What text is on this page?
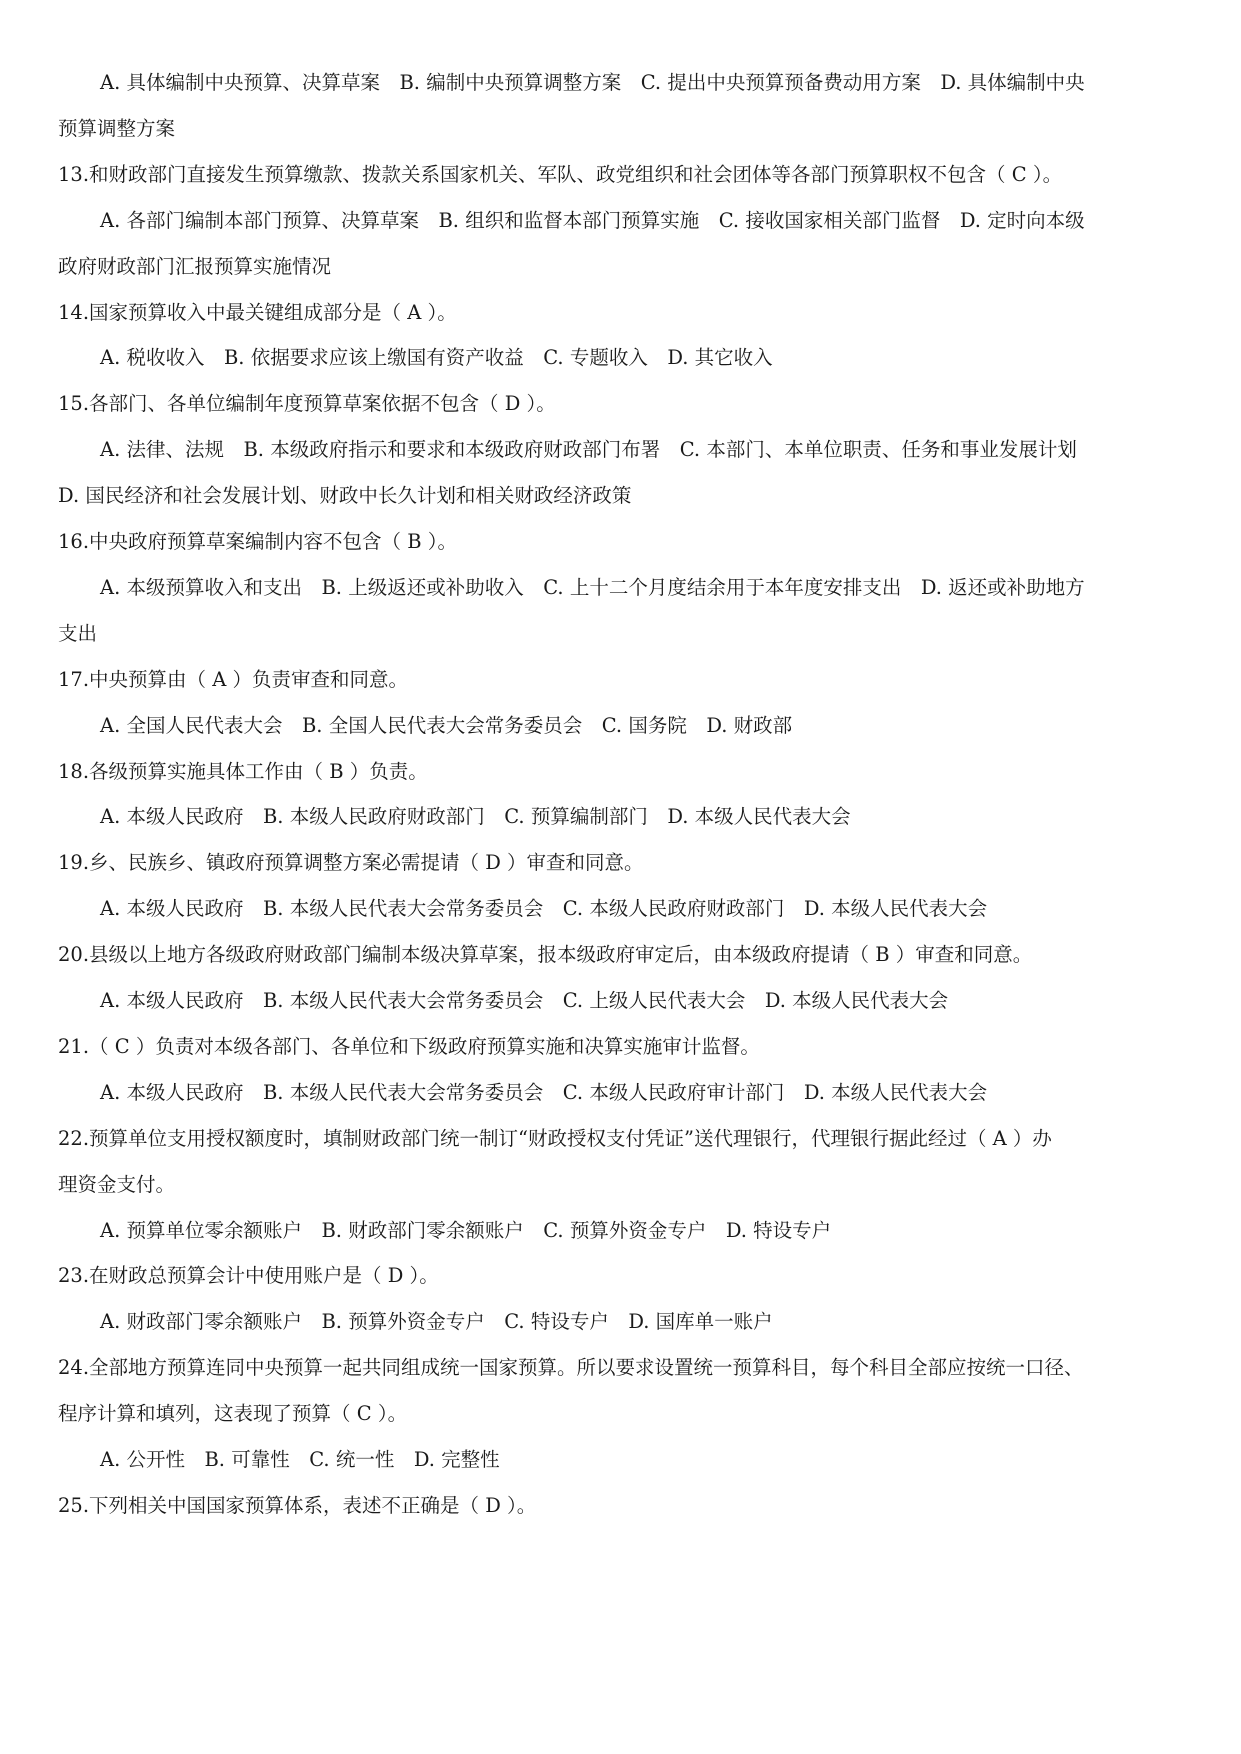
A. 具体编制中央预算、决算草案　B. 编制中央预算调整方案　C. 提出中央预算预备费动用方案　D. 具体编制中央
预算调整方案
13.和财政部门直接发生预算缴款、拨款关系国家机关、军队、政党组织和社会团体等各部门预算职权不包含（ C ）。
A. 各部门编制本部门预算、决算草案　B. 组织和监督本部门预算实施　C. 接收国家相关部门监督　D. 定时向本级
政府财政部门汇报预算实施情况
14.国家预算收入中最关键组成部分是（ A ）。
A. 税收收入　B. 依据要求应该上缴国有资产收益　C. 专题收入　D. 其它收入
15.各部门、各单位编制年度预算草案依据不包含（ D ）。
A. 法律、法规　B. 本级政府指示和要求和本级政府财政部门布署　C. 本部门、本单位职责、任务和事业发展计划
D. 国民经济和社会发展计划、财政中长久计划和相关财政经济政策
16.中央政府预算草案编制内容不包含（ B ）。
A. 本级预算收入和支出　B. 上级返还或补助收入　C. 上十二个月度结余用于本年度安排支出　D. 返还或补助地方
支出
17.中央预算由（ A ）负责审查和同意。
A. 全国人民代表大会　B. 全国人民代表大会常务委员会　C. 国务院　D. 财政部
18.各级预算实施具体工作由（ B ）负责。
A. 本级人民政府　B. 本级人民政府财政部门　C. 预算编制部门　D. 本级人民代表大会
19.乡、民族乡、镇政府预算调整方案必需提请（ D ）审查和同意。
A. 本级人民政府　B. 本级人民代表大会常务委员会　C. 本级人民政府财政部门　D. 本级人民代表大会
20.县级以上地方各级政府财政部门编制本级决算草案，报本级政府审定后，由本级政府提请（ B ）审查和同意。
A. 本级人民政府　B. 本级人民代表大会常务委员会　C. 上级人民代表大会　D. 本级人民代表大会
21.（ C ）负责对本级各部门、各单位和下级政府预算实施和决算实施审计监督。
A. 本级人民政府　B. 本级人民代表大会常务委员会　C. 本级人民政府审计部门　D. 本级人民代表大会
22.预算单位支用授权额度时，填制财政部门统一制订“财政授权支付凭证”送代理银行，代理银行据此经过（ A ）办
理资金支付。
A. 预算单位零余额账户　B. 财政部门零余额账户　C. 预算外资金专户　D. 特设专户
23.在财政总预算会计中使用账户是（ D ）。
A. 财政部门零余额账户　B. 预算外资金专户　C. 特设专户　D. 国库单一账户
24.全部地方预算连同中央预算一起共同组成统一国家预算。所以要求设置统一预算科目，每个科目全部应按统一口径、
程序计算和填列，这表现了预算（ C ）。
A. 公开性　B. 可靠性　C. 统一性　D. 完整性
25.下列相关中国国家预算体系，表述不正确是（ D ）。
